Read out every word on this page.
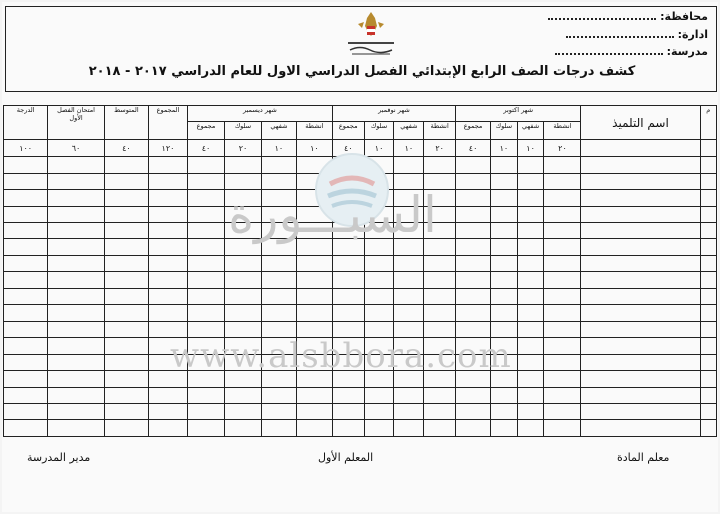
محافظة:
ادارة:
مدرسة:
كشف درجات الصف الرابع الإبتدائي الفصل الدراسي الاول للعام الدراسي ٢٠١٧ - ٢٠١٨
م	اسم التلميذ	شهر اكتوبر				شهر نوفمبر				شهر ديسمبر				المجموع	المتوسط	امتحان الفصل الأول	الدرجة
		انشطة	شفهي	سلوك	مجموع	انشطة	شفهي	سلوك	مجموع	انشطة	شفهي	سلوك	مجموع				
		٢٠	١٠	١٠	٤٠	٢٠	١٠	١٠	٤٠	١٠	١٠	٢٠	٤٠	١٢٠	٤٠	٦٠	١٠٠

السبـــورة
www.alsbbora.com
معلم المادة
المعلم الأول
مدير المدرسة
